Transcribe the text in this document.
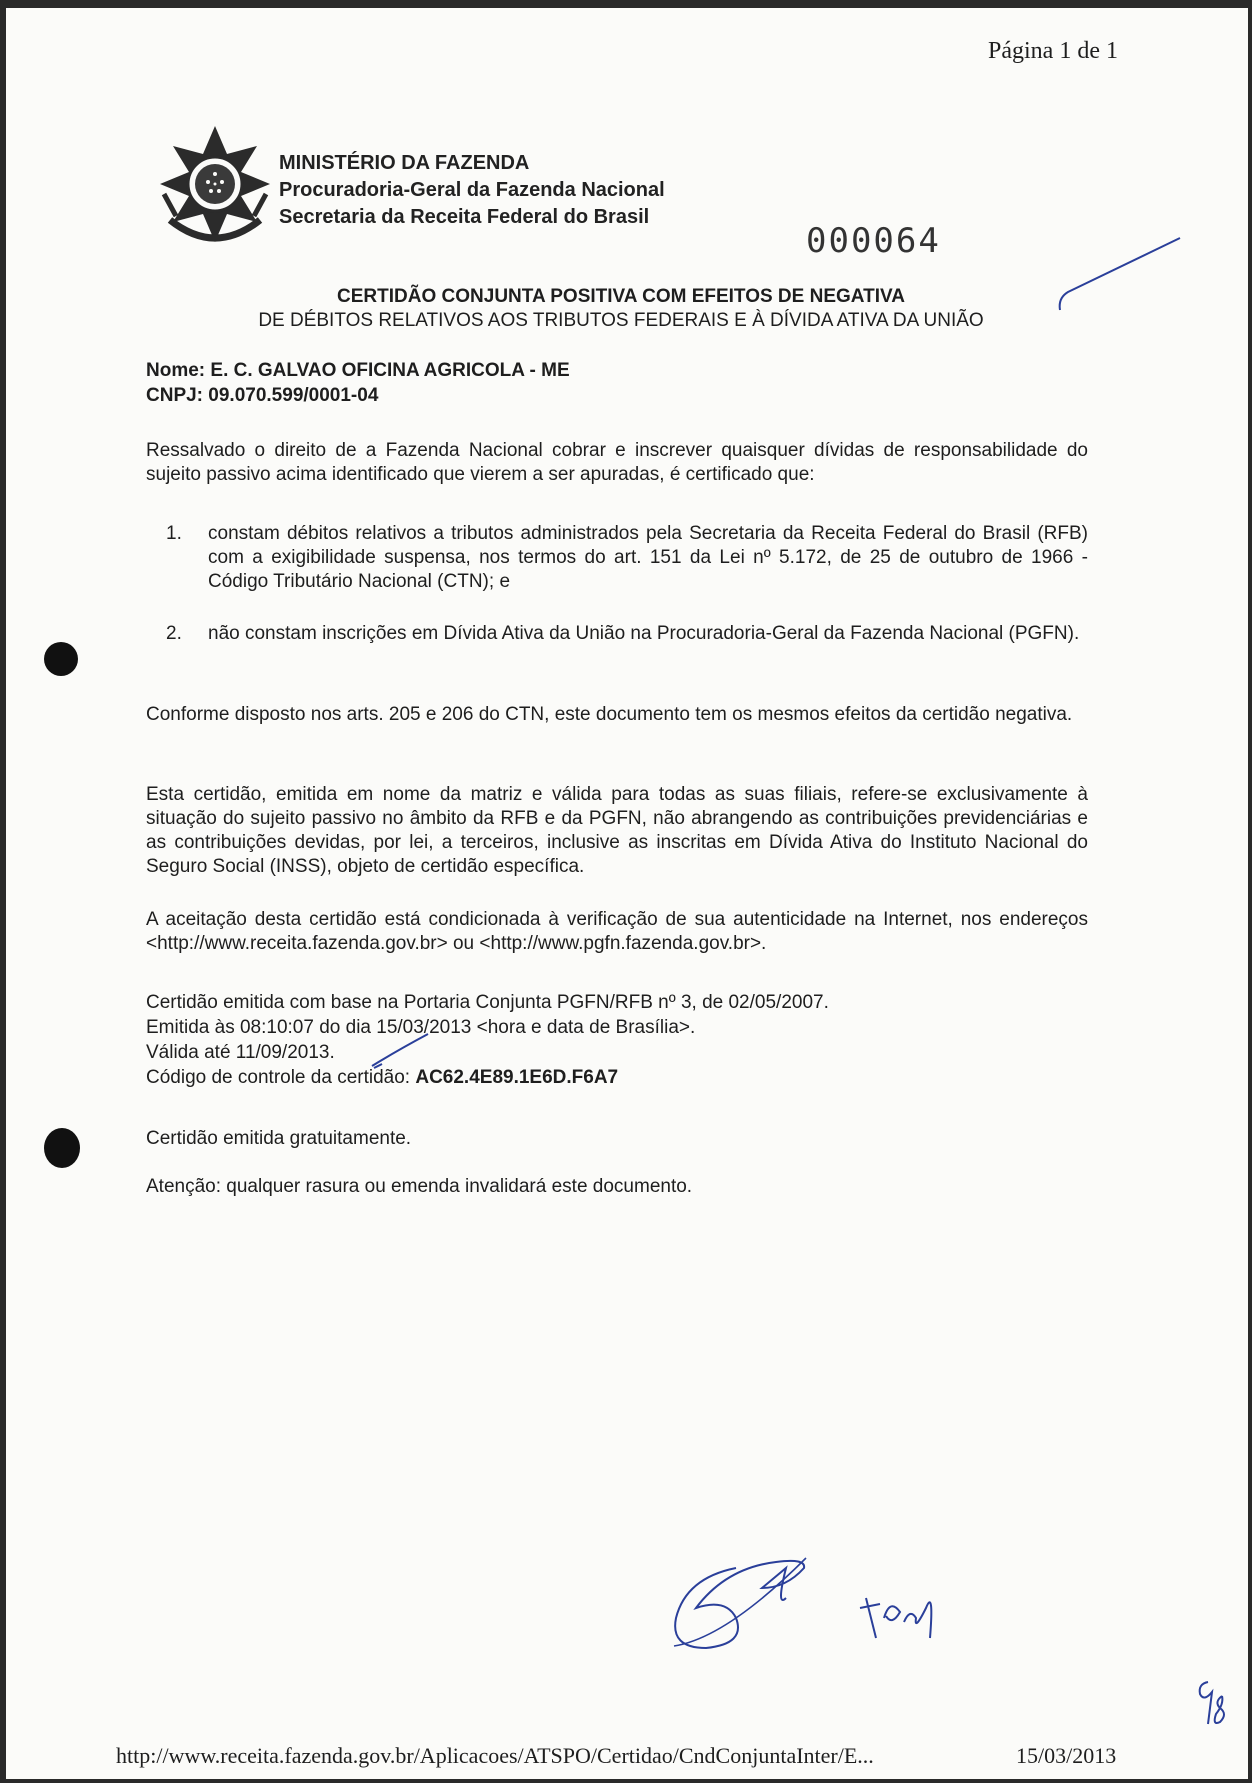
Página 1 de 1
MINISTÉRIO DA FAZENDA
Procuradoria-Geral da Fazenda Nacional
Secretaria da Receita Federal do Brasil
000064
CERTIDÃO CONJUNTA POSITIVA COM EFEITOS DE NEGATIVA
DE DÉBITOS RELATIVOS AOS TRIBUTOS FEDERAIS E À DÍVIDA ATIVA DA UNIÃO
Nome: E. C. GALVAO OFICINA AGRICOLA - ME
CNPJ: 09.070.599/0001-04
Ressalvado o direito de a Fazenda Nacional cobrar e inscrever quaisquer dívidas de responsabilidade do sujeito passivo acima identificado que vierem a ser apuradas, é certificado que:
1. constam débitos relativos a tributos administrados pela Secretaria da Receita Federal do Brasil (RFB) com a exigibilidade suspensa, nos termos do art. 151 da Lei nº 5.172, de 25 de outubro de 1966 - Código Tributário Nacional (CTN); e
2. não constam inscrições em Dívida Ativa da União na Procuradoria-Geral da Fazenda Nacional (PGFN).
Conforme disposto nos arts. 205 e 206 do CTN, este documento tem os mesmos efeitos da certidão negativa.
Esta certidão, emitida em nome da matriz e válida para todas as suas filiais, refere-se exclusivamente à situação do sujeito passivo no âmbito da RFB e da PGFN, não abrangendo as contribuições previdenciárias e as contribuições devidas, por lei, a terceiros, inclusive as inscritas em Dívida Ativa do Instituto Nacional do Seguro Social (INSS), objeto de certidão específica.
A aceitação desta certidão está condicionada à verificação de sua autenticidade na Internet, nos endereços <http://www.receita.fazenda.gov.br> ou <http://www.pgfn.fazenda.gov.br>.
Certidão emitida com base na Portaria Conjunta PGFN/RFB nº 3, de 02/05/2007.
Emitida às 08:10:07 do dia 15/03/2013 <hora e data de Brasília>.
Válida até 11/09/2013.
Código de controle da certidão: AC62.4E89.1E6D.F6A7
Certidão emitida gratuitamente.
Atenção: qualquer rasura ou emenda invalidará este documento.
http://www.receita.fazenda.gov.br/Aplicacoes/ATSPO/Certidao/CndConjuntaInter/E...	15/03/2013
